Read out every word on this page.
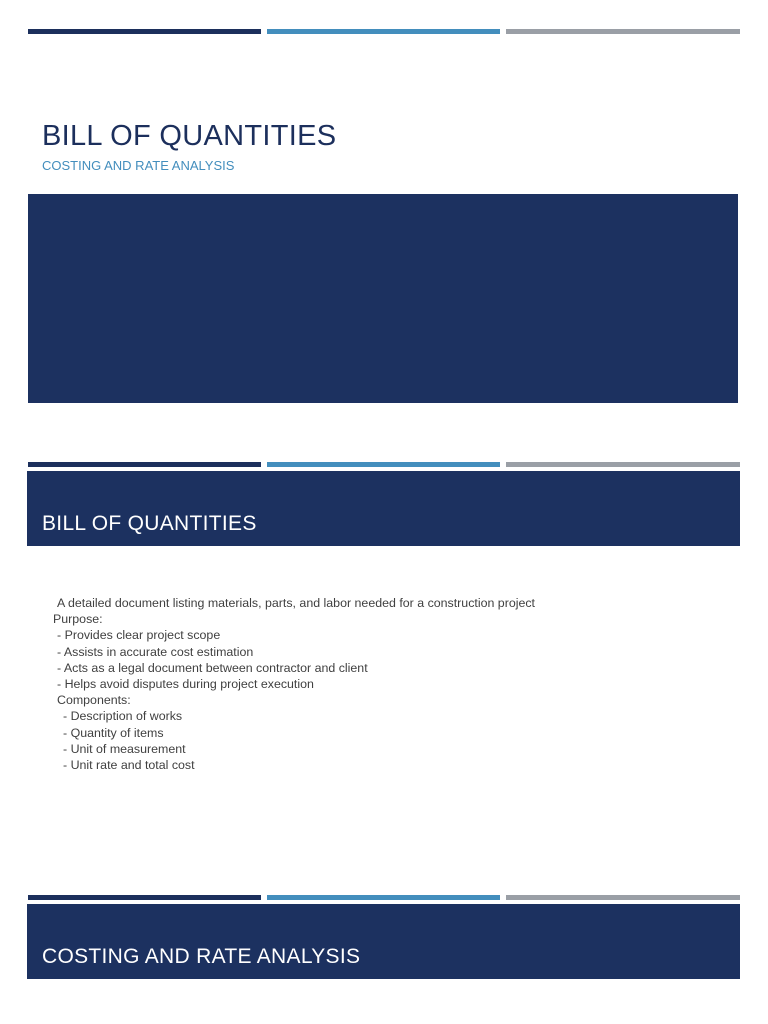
BILL OF QUANTITIES

COSTING AND RATE ANALYSIS

BILL OF QUANTITIES
A detailed document listing materials, parts, and labor needed for a construction project
Purpose:
- Provides clear project scope
- Assists in accurate cost estimation
- Acts as a legal document between contractor and client
- Helps avoid disputes during project execution
Components:
- Description of works
- Quantity of items
- Unit of measurement
- Unit rate and total cost
COSTING AND RATE ANALYSIS
